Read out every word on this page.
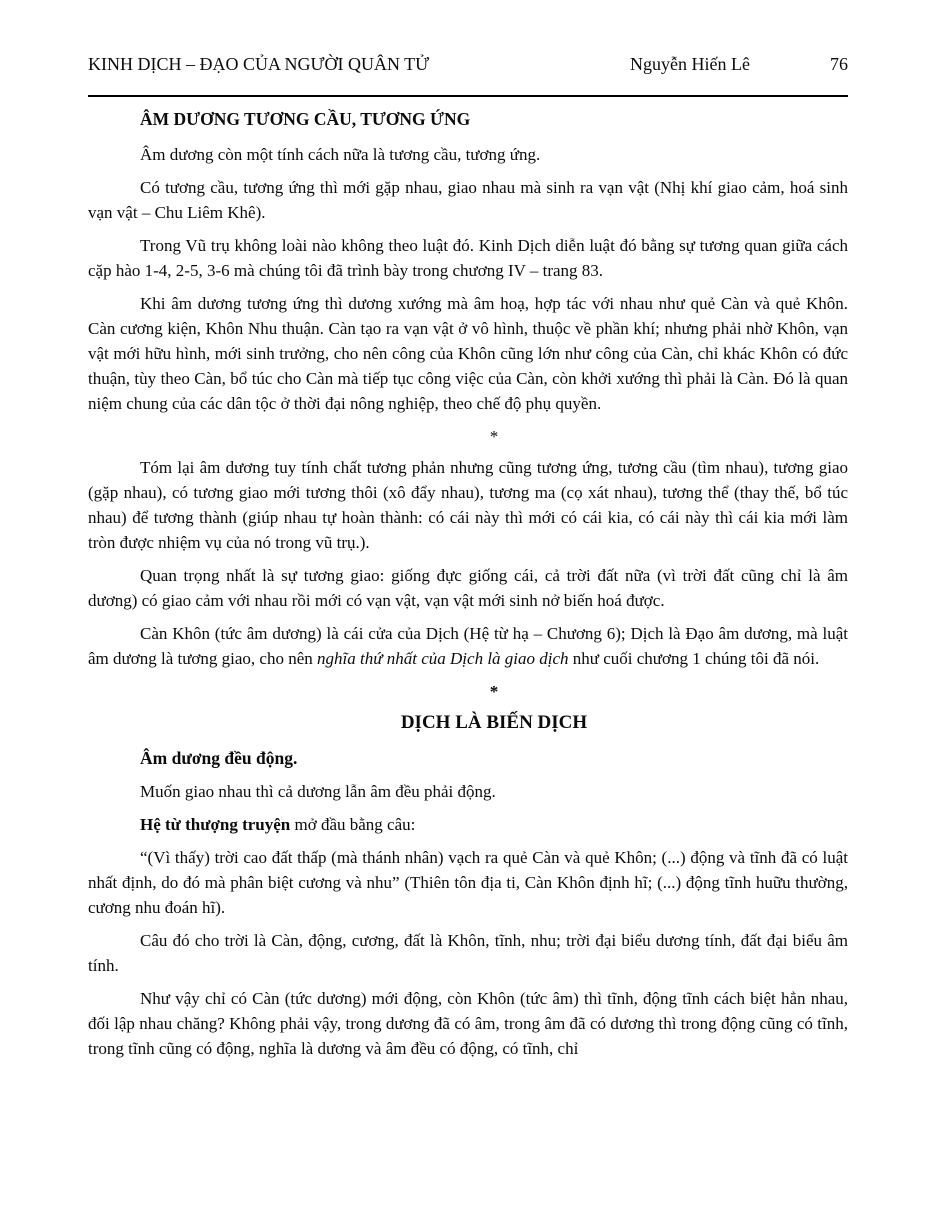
KINH DỊCH – ĐẠO CỦA NGƯỜI QUÂN TỬ	Nguyễn Hiến Lê	76
ÂM DƯƠNG TƯƠNG CẦU, TƯƠNG ỨNG

Âm dương còn một tính cách nữa là tương cầu, tương ứng.

Có tương cầu, tương ứng thì mới gặp nhau, giao nhau mà sinh ra vạn vật (Nhị khí giao cảm, hoá sinh vạn vật – Chu Liêm Khê).

Trong Vũ trụ không loài nào không theo luật đó. Kinh Dịch diễn luật đó bằng sự tương quan giữa cách cặp hào 1-4, 2-5, 3-6 mà chúng tôi đã trình bày trong chương IV – trang 83.

Khi âm dương tương ứng thì dương xướng mà âm hoạ, hợp tác với nhau như quẻ Càn và quẻ Khôn. Càn cương kiện, Khôn Nhu thuận. Càn tạo ra vạn vật ở vô hình, thuộc về phần khí; nhưng phải nhờ Khôn, vạn vật mới hữu hình, mới sinh trưởng, cho nên công của Khôn cũng lớn như công của Càn, chỉ khác Khôn có đức thuận, tùy theo Càn, bổ túc cho Càn mà tiếp tục công việc của Càn, còn khởi xướng thì phải là Càn. Đó là quan niệm chung của các dân tộc ở thời đại nông nghiệp, theo chế độ phụ quyền.

*

Tóm lại âm dương tuy tính chất tương phản nhưng cũng tương ứng, tương cầu (tìm nhau), tương giao (gặp nhau), có tương giao mới tương thôi (xô đẩy nhau), tương ma (cọ xát nhau), tương thể (thay thế, bổ túc nhau) để tương thành (giúp nhau tự hoàn thành: có cái này thì mới có cái kia, có cái này thì cái kia mới làm tròn được nhiệm vụ của nó trong vũ trụ.).

Quan trọng nhất là sự tương giao: giống đực giống cái, cả trời đất nữa (vì trời đất cũng chỉ là âm dương) có giao cảm với nhau rồi mới có vạn vật, vạn vật mới sinh nở biến hoá được.

Càn Khôn (tức âm dương) là cái cửa của Dịch (Hệ từ hạ – Chương 6); Dịch là Đạo âm dương, mà luật âm dương là tương giao, cho nên nghĩa thứ nhất của Dịch là giao dịch như cuối chương 1 chúng tôi đã nói.

*
DỊCH LÀ BIẾN DỊCH
Âm dương đều động.

Muốn giao nhau thì cả dương lẫn âm đều phải động.

Hệ từ thượng truyện mở đầu bằng câu:

“(Vì thấy) trời cao đất thấp (mà thánh nhân) vạch ra quẻ Càn và quẻ Khôn; (...) động và tĩnh đã có luật nhất định, do đó mà phân biệt cương và nhu” (Thiên tôn địa ti, Càn Khôn định hĩ; (...) động tĩnh huữu thường, cương nhu đoán hĩ).

Câu đó cho trời là Càn, động, cương, đất là Khôn, tĩnh, nhu; trời đại biểu dương tính, đất đại biểu âm tính.

Như vậy chỉ có Càn (tức dương) mới động, còn Khôn (tức âm) thì tĩnh, động tĩnh cách biệt hẳn nhau, đối lập nhau chăng? Không phải vậy, trong dương đã có âm, trong âm đã có dương thì trong động cũng có tĩnh, trong tĩnh cũng có động, nghĩa là dương và âm đều có động, có tĩnh, chỉ
